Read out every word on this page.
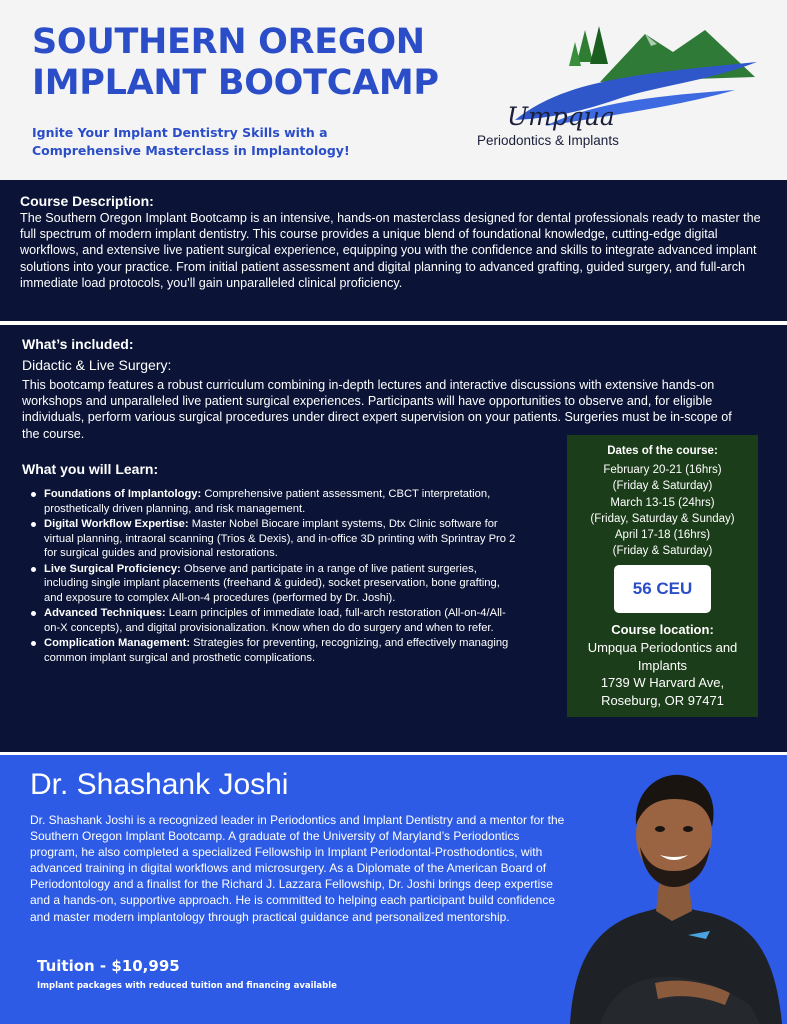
SOUTHERN OREGON
IMPLANT BOOTCAMP
Ignite Your Implant Dentistry Skills with a Comprehensive Masterclass in Implantology!
Umpqua
Periodontics & Implants
Course Description:

The Southern Oregon Implant Bootcamp is an intensive, hands-on masterclass designed for dental professionals ready to master the full spectrum of modern implant dentistry. This course provides a unique blend of foundational knowledge, cutting-edge digital workflows, and extensive live patient surgical experience, equipping you with the confidence and skills to integrate advanced implant solutions into your practice. From initial patient assessment and digital planning to advanced grafting, guided surgery, and full-arch immediate load protocols, you'll gain unparalleled clinical proficiency.

What’s included:
Didactic & Live Surgery:
This bootcamp features a robust curriculum combining in-depth lectures and interactive discussions with extensive hands-on workshops and unparalleled live patient surgical experiences. Participants will have opportunities to observe and, for eligible individuals, perform various surgical procedures under direct expert supervision on your patients. Surgeries must be in-scope of the course.
What you will Learn:
Foundations of Implantology: Comprehensive patient assessment, CBCT interpretation, prosthetically driven planning, and risk management.
Digital Workflow Expertise: Master Nobel Biocare implant systems, Dtx Clinic software for virtual planning, intraoral scanning (Trios & Dexis), and in-office 3D printing with Sprintray Pro 2 for surgical guides and provisional restorations.
Live Surgical Proficiency: Observe and participate in a range of live patient surgeries, including single implant placements (freehand & guided), socket preservation, bone grafting, and exposure to complex All-on-4 procedures (performed by Dr. Joshi).
Advanced Techniques: Learn principles of immediate load, full-arch restoration (All-on-4/All-on-X concepts), and digital provisionalization. Know when do do surgery and when to refer.
Complication Management: Strategies for preventing, recognizing, and effectively managing common implant surgical and prosthetic complications.
Dates of the course:
February 20-21 (16hrs)
(Friday & Saturday)
March 13-15 (24hrs)
(Friday, Saturday & Sunday)
April 17-18 (16hrs)
(Friday & Saturday)
56 CEU
Course location:
Umpqua Periodontics and
Implants
1739 W Harvard Ave,
Roseburg, OR 97471
Dr. Shashank Joshi
Dr. Shashank Joshi is a recognized leader in Periodontics and Implant Dentistry and a mentor for the Southern Oregon Implant Bootcamp. A graduate of the University of Maryland’s Periodontics program, he also completed a specialized Fellowship in Implant Periodontal-Prosthodontics, with advanced training in digital workflows and microsurgery. As a Diplomate of the American Board of Periodontology and a finalist for the Richard J. Lazzara Fellowship, Dr. Joshi brings deep expertise and a hands-on, supportive approach. He is committed to helping each participant build confidence and master modern implantology through practical guidance and personalized mentorship.
Tuition - $10,995
Implant packages with reduced tuition and financing available
